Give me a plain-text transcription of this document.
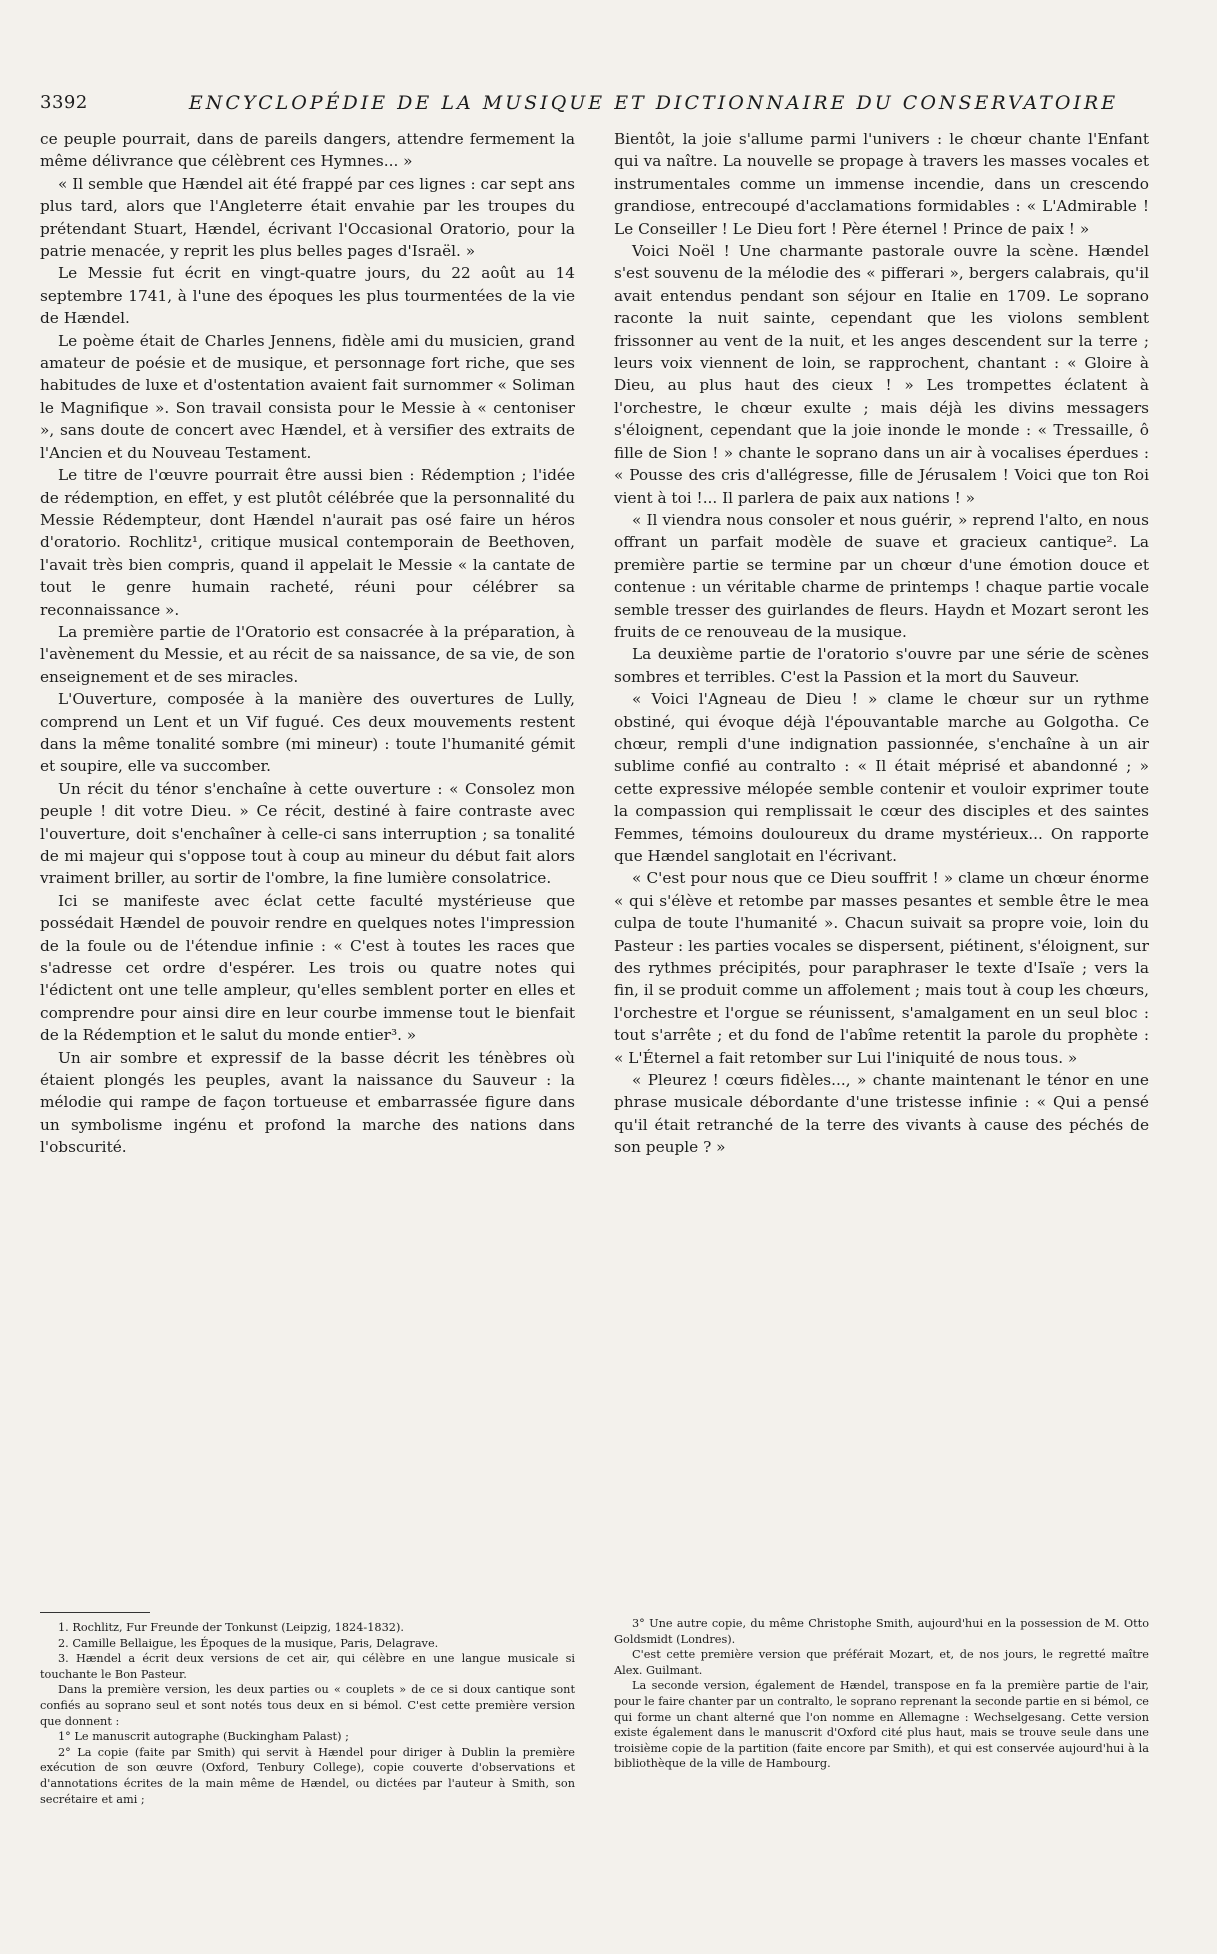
3392	ENCYCLOPÉDIE DE LA MUSIQUE ET DICTIONNAIRE DU CONSERVATOIRE

ce peuple pourrait, dans de pareils dangers, attendre fermement la même délivrance que célèbrent ces Hymnes... »

« Il semble que Hændel ait été frappé par ces lignes : car sept ans plus tard, alors que l'Angleterre était envahie par les troupes du prétendant Stuart, Hændel, écrivant l'Occasional Oratorio, pour la patrie menacée, y reprit les plus belles pages d'Israël. »

Le Messie fut écrit en vingt-quatre jours, du 22 août au 14 septembre 1741, à l'une des époques les plus tourmentées de la vie de Hændel.

Le poème était de Charles Jennens, fidèle ami du musicien, grand amateur de poésie et de musique, et personnage fort riche, que ses habitudes de luxe et d'ostentation avaient fait surnommer « Soliman le Magnifique ». Son travail consista pour le Messie à « centoniser », sans doute de concert avec Hændel, et à versifier des extraits de l'Ancien et du Nouveau Testament.

Le titre de l'œuvre pourrait être aussi bien : Rédemption ; l'idée de rédemption, en effet, y est plutôt célébrée que la personnalité du Messie Rédempteur, dont Hændel n'aurait pas osé faire un héros d'oratorio. Rochlitz¹, critique musical contemporain de Beethoven, l'avait très bien compris, quand il appelait le Messie « la cantate de tout le genre humain racheté, réuni pour célébrer sa reconnaissance ».

La première partie de l'Oratorio est consacrée à la préparation, à l'avènement du Messie, et au récit de sa naissance, de sa vie, de son enseignement et de ses miracles.

L'Ouverture, composée à la manière des ouvertures de Lully, comprend un Lent et un Vif fugué. Ces deux mouvements restent dans la même tonalité sombre (mi mineur) : toute l'humanité gémit et soupire, elle va succomber.

Un récit du ténor s'enchaîne à cette ouverture : « Consolez mon peuple ! dit votre Dieu. » Ce récit, destiné à faire contraste avec l'ouverture, doit s'enchaîner à celle-ci sans interruption ; sa tonalité de mi majeur qui s'oppose tout à coup au mineur du début fait alors vraiment briller, au sortir de l'ombre, la fine lumière consolatrice.

Ici se manifeste avec éclat cette faculté mystérieuse que possédait Hændel de pouvoir rendre en quelques notes l'impression de la foule ou de l'étendue infinie : « C'est à toutes les races que s'adresse cet ordre d'espérer. Les trois ou quatre notes qui l'édictent ont une telle ampleur, qu'elles semblent porter en elles et comprendre pour ainsi dire en leur courbe immense tout le bienfait de la Rédemption et le salut du monde entier³. »

Un air sombre et expressif de la basse décrit les ténèbres où étaient plongés les peuples, avant la naissance du Sauveur : la mélodie qui rampe de façon tortueuse et embarrassée figure dans un symbolisme ingénu et profond la marche des nations dans l'obscurité.

Bientôt, la joie s'allume parmi l'univers : le chœur chante l'Enfant qui va naître. La nouvelle se propage à travers les masses vocales et instrumentales comme un immense incendie, dans un crescendo grandiose, entrecoupé d'acclamations formidables : « L'Admirable ! Le Conseiller ! Le Dieu fort ! Père éternel ! Prince de paix ! »

Voici Noël ! Une charmante pastorale ouvre la scène. Hændel s'est souvenu de la mélodie des « pifferari », bergers calabrais, qu'il avait entendus pendant son séjour en Italie en 1709. Le soprano raconte la nuit sainte, cependant que les violons semblent frissonner au vent de la nuit, et les anges descendent sur la terre ; leurs voix viennent de loin, se rapprochent, chantant : « Gloire à Dieu, au plus haut des cieux ! » Les trompettes éclatent à l'orchestre, le chœur exulte ; mais déjà les divins messagers s'éloignent, cependant que la joie inonde le monde : « Tressaille, ô fille de Sion ! » chante le soprano dans un air à vocalises éperdues : « Pousse des cris d'allégresse, fille de Jérusalem ! Voici que ton Roi vient à toi !... Il parlera de paix aux nations ! »

« Il viendra nous consoler et nous guérir, » reprend l'alto, en nous offrant un parfait modèle de suave et gracieux cantique². La première partie se termine par un chœur d'une émotion douce et contenue : un véritable charme de printemps ! chaque partie vocale semble tresser des guirlandes de fleurs. Haydn et Mozart seront les fruits de ce renouveau de la musique.

La deuxième partie de l'oratorio s'ouvre par une série de scènes sombres et terribles. C'est la Passion et la mort du Sauveur.

« Voici l'Agneau de Dieu ! » clame le chœur sur un rythme obstiné, qui évoque déjà l'épouvantable marche au Golgotha. Ce chœur, rempli d'une indignation passionnée, s'enchaîne à un air sublime confié au contralto : « Il était méprisé et abandonné ; » cette expressive mélopée semble contenir et vouloir exprimer toute la compassion qui remplissait le cœur des disciples et des saintes Femmes, témoins douloureux du drame mystérieux... On rapporte que Hændel sanglotait en l'écrivant.

« C'est pour nous que ce Dieu souffrit ! » clame un chœur énorme « qui s'élève et retombe par masses pesantes et semble être le mea culpa de toute l'humanité ». Chacun suivait sa propre voie, loin du Pasteur : les parties vocales se dispersent, piétinent, s'éloignent, sur des rythmes précipités, pour paraphraser le texte d'Isaïe ; vers la fin, il se produit comme un affolement ; mais tout à coup les chœurs, l'orchestre et l'orgue se réunissent, s'amalgament en un seul bloc : tout s'arrête ; et du fond de l'abîme retentit la parole du prophète : « L'Éternel a fait retomber sur Lui l'iniquité de nous tous. »

« Pleurez ! cœurs fidèles..., » chante maintenant le ténor en une phrase musicale débordante d'une tristesse infinie : « Qui a pensé qu'il était retranché de la terre des vivants à cause des péchés de son peuple ? »

1. Rochlitz, Fur Freunde der Tonkunst (Leipzig, 1824-1832).

2. Camille Bellaigue, les Époques de la musique, Paris, Delagrave.

3. Hændel a écrit deux versions de cet air, qui célèbre en une langue musicale si touchante le Bon Pasteur.

Dans la première version, les deux parties ou « couplets » de ce si doux cantique sont confiés au soprano seul et sont notés tous deux en si bémol. C'est cette première version que donnent :

1° Le manuscrit autographe (Buckingham Palast) ;

2° La copie (faite par Smith) qui servit à Hændel pour diriger à Dublin la première exécution de son œuvre (Oxford, Tenbury College), copie couverte d'observations et d'annotations écrites de la main même de Hændel, ou dictées par l'auteur à Smith, son secrétaire et ami ;

3° Une autre copie, du même Christophe Smith, aujourd'hui en la possession de M. Otto Goldsmidt (Londres).

C'est cette première version que préférait Mozart, et, de nos jours, le regretté maître Alex. Guilmant.

La seconde version, également de Hændel, transpose en fa la première partie de l'air, pour le faire chanter par un contralto, le soprano reprenant la seconde partie en si bémol, ce qui forme un chant alterné que l'on nomme en Allemagne : Wechselgesang. Cette version existe également dans le manuscrit d'Oxford cité plus haut, mais se trouve seule dans une troisième copie de la partition (faite encore par Smith), et qui est conservée aujourd'hui à la bibliothèque de la ville de Hambourg.
